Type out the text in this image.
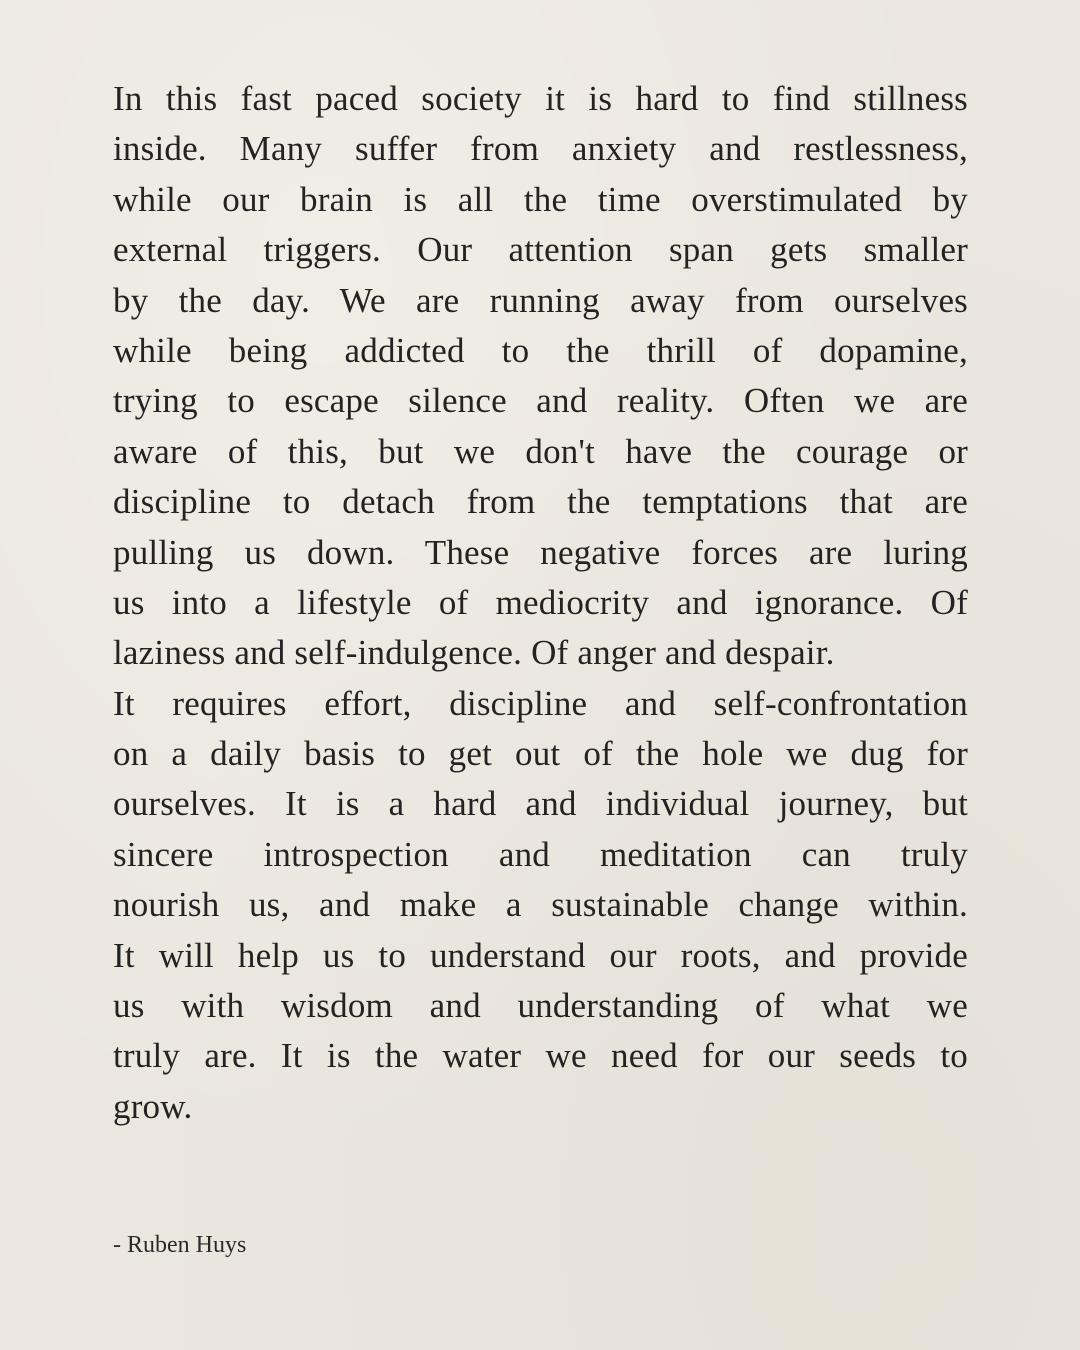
In this fast paced society it is hard to find stillness
inside. Many suffer from anxiety and restlessness,
while our brain is all the time overstimulated by
external triggers. Our attention span gets smaller
by the day. We are running away from ourselves
while being addicted to the thrill of dopamine,
trying to escape silence and reality. Often we are
aware of this, but we don't have the courage or
discipline to detach from the temptations that are
pulling us down. These negative forces are luring
us into a lifestyle of mediocrity and ignorance. Of
laziness and self-indulgence. Of anger and despair.
It requires effort, discipline and self-confrontation
on a daily basis to get out of the hole we dug for
ourselves. It is a hard and individual journey, but
sincere introspection and meditation can truly
nourish us, and make a sustainable change within.
It will help us to understand our roots, and provide
us with wisdom and understanding of what we
truly are. It is the water we need for our seeds to
grow.
- Ruben Huys
